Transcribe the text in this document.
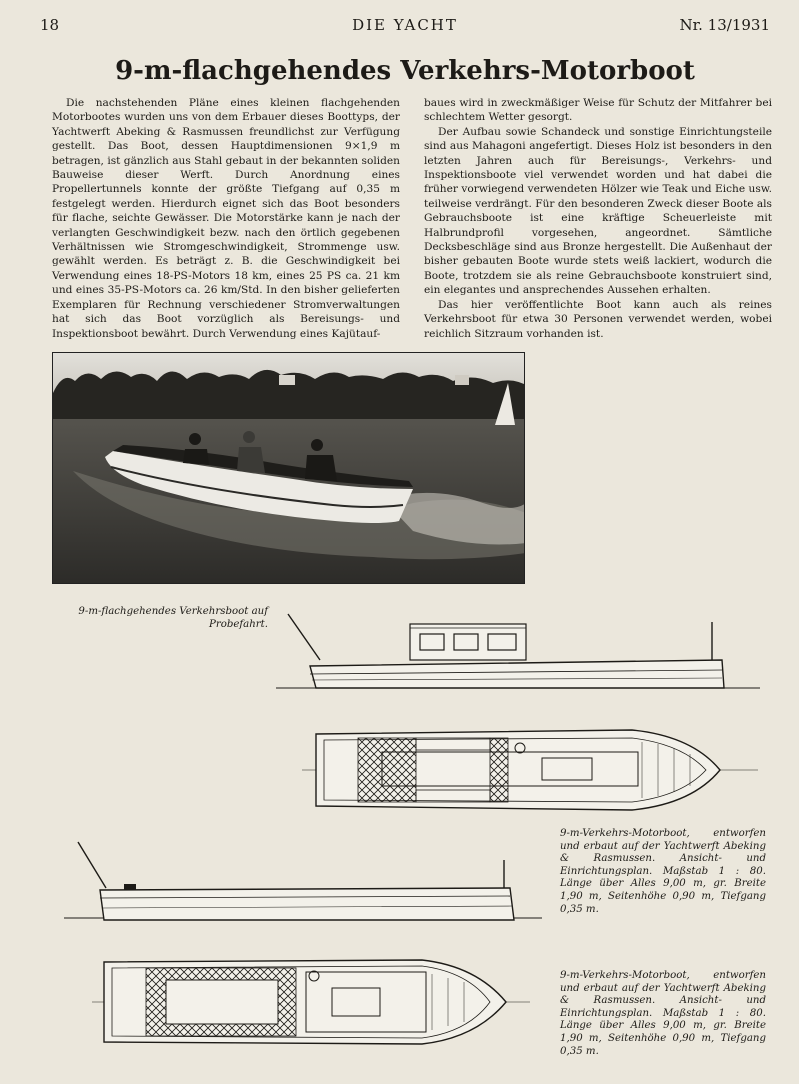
18	DIE YACHT	Nr. 13/1931
9-m-flachgehendes Verkehrs-Motorboot

Die nachstehenden Pläne eines kleinen flachgehenden Motorbootes wurden uns von dem Erbauer dieses Boottyps, der Yachtwerft Abeking & Rasmussen freundlichst zur Verfügung gestellt. Das Boot, dessen Hauptdimensionen 9×1,9 m betragen, ist gänzlich aus Stahl gebaut in der bekannten soliden Bauweise dieser Werft. Durch Anordnung eines Propellertunnels konnte der größte Tiefgang auf 0,35 m festgelegt werden. Hierdurch eignet sich das Boot besonders für flache, seichte Gewässer. Die Motorstärke kann je nach der verlangten Geschwindigkeit bezw. nach den örtlich gegebenen Verhältnissen wie Stromgeschwindigkeit, Strommenge usw. gewählt werden. Es beträgt z. B. die Geschwindigkeit bei Verwendung eines 18-PS-Motors 18 km, eines 25 PS ca. 21 km und eines 35-PS-Motors ca. 26 km/Std. In den bisher gelieferten Exemplaren für Rechnung verschiedener Stromverwaltungen hat sich das Boot vorzüglich als Bereisungs- und Inspektionsboot bewährt. Durch Verwendung eines Kajütauf-

baues wird in zweckmäßiger Weise für Schutz der Mitfahrer bei schlechtem Wetter gesorgt.

Der Aufbau sowie Schandeck und sonstige Einrichtungsteile sind aus Mahagoni angefertigt. Dieses Holz ist besonders in den letzten Jahren auch für Bereisungs-, Verkehrs- und Inspektionsboote viel verwendet worden und hat dabei die früher vorwiegend verwendeten Hölzer wie Teak und Eiche usw. teilweise verdrängt. Für den besonderen Zweck dieser Boote als Gebrauchsboote ist eine kräftige Scheuerleiste mit Halbrundprofil vorgesehen, angeordnet. Sämtliche Decksbeschläge sind aus Bronze hergestellt. Die Außenhaut der bisher gebauten Boote wurde stets weiß lackiert, wodurch die Boote, trotzdem sie als reine Gebrauchsboote konstruiert sind, ein elegantes und ansprechendes Aussehen erhalten.

Das hier veröffentlichte Boot kann auch als reines Verkehrsboot für etwa 30 Personen verwendet werden, wobei reichlich Sitzraum vorhanden ist.

9-m-flachgehendes Verkehrsboot auf Probefahrt.
9-m-Verkehrs-Motorboot, entworfen und erbaut auf der Yachtwerft Abeking & Rasmussen. Ansicht- und Einrichtungsplan. Maßstab 1 : 80. Länge über Alles 9,00 m, gr. Breite 1,90 m, Seitenhöhe 0,90 m, Tiefgang 0,35 m.
9-m-Verkehrs-Motorboot, entworfen und erbaut auf der Yachtwerft Abeking & Rasmussen. Ansicht- und Einrichtungsplan. Maßstab 1 : 80. Länge über Alles 9,00 m, gr. Breite 1,90 m, Seitenhöhe 0,90 m, Tiefgang 0,35 m.
